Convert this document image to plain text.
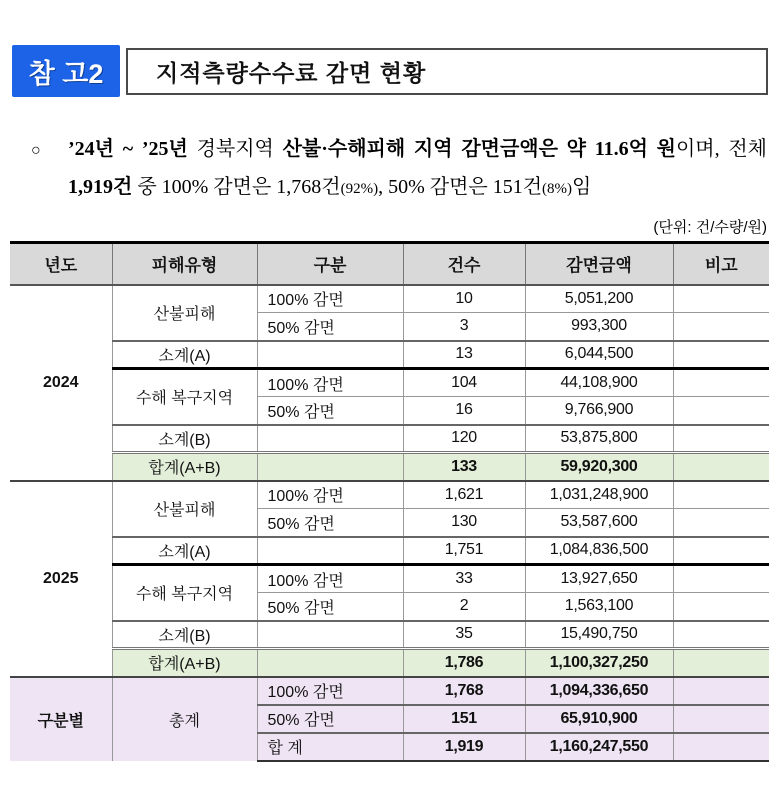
참 고2 지적측량수수료 감면 현황
○ ’24년 ~ ’25년 경북지역 산불·수해피해 지역 감면금액은 약 11.6억 원이며, 전체 1,919건 중 100% 감면은 1,768건(92%), 50% 감면은 151건(8%)임
(단위: 건/수량/원)
년도	피해유형	구분	건수	감면금액	비고
2024	산불피해	100% 감면	10	5,051,200	
		50% 감면	3	993,300	
	소계(A)		13	6,044,500	
	수해 복구지역	100% 감면	104	44,108,900	
		50% 감면	16	9,766,900	
	소계(B)		120	53,875,800	
	합계(A+B)		133	59,920,300	
2025	산불피해	100% 감면	1,621	1,031,248,900	
		50% 감면	130	53,587,600	
	소계(A)		1,751	1,084,836,500	
	수해 복구지역	100% 감면	33	13,927,650	
		50% 감면	2	1,563,100	
	소계(B)		35	15,490,750	
	합계(A+B)		1,786	1,100,327,250	
구분별	총계	100% 감면	1,768	1,094,336,650	
		50% 감면	151	65,910,900	
		합 계	1,919	1,160,247,550	
